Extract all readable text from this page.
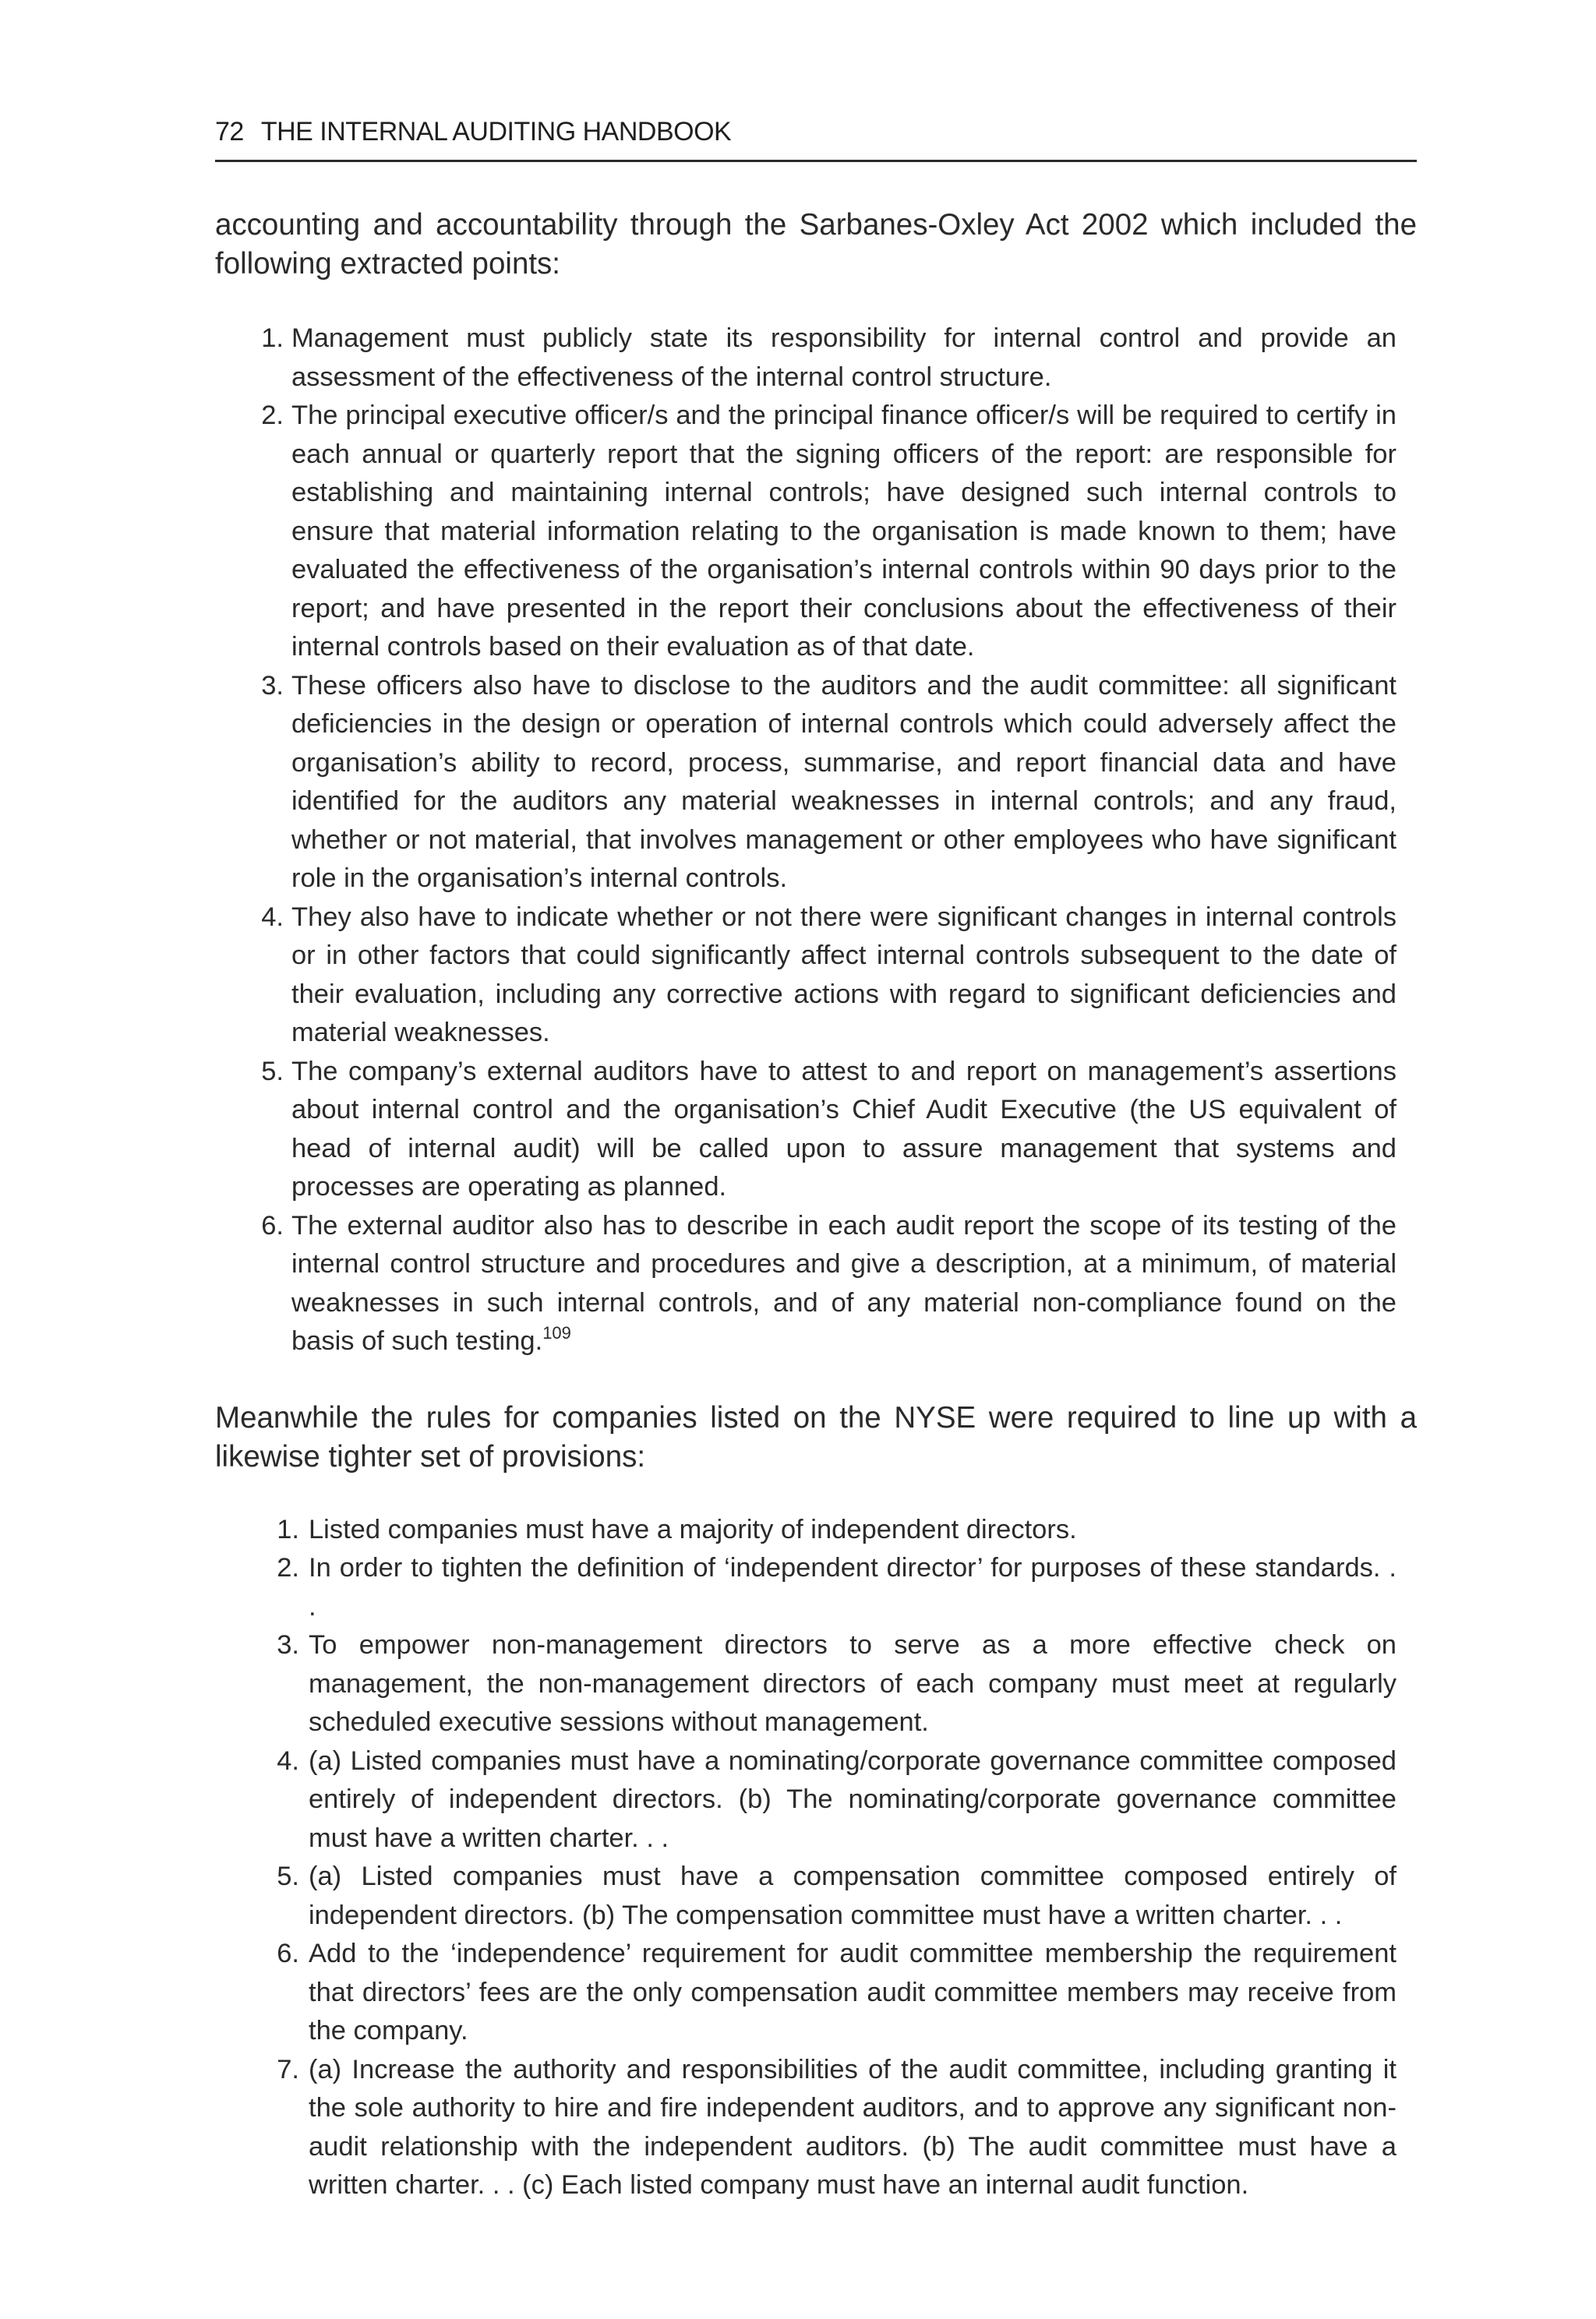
72 THE INTERNAL AUDITING HANDBOOK

accounting and accountability through the Sarbanes-Oxley Act 2002 which included the following extracted points:

1. Management must publicly state its responsibility for internal control and provide an assessment of the effectiveness of the internal control structure.
2. The principal executive officer/s and the principal finance officer/s will be required to certify in each annual or quarterly report that the signing officers of the report: are responsible for establishing and maintaining internal controls; have designed such internal controls to ensure that material information relating to the organisation is made known to them; have evaluated the effectiveness of the organisation’s internal controls within 90 days prior to the report; and have presented in the report their conclusions about the effectiveness of their internal controls based on their evaluation as of that date.
3. These officers also have to disclose to the auditors and the audit committee: all significant deficiencies in the design or operation of internal controls which could adversely affect the organisation’s ability to record, process, summarise, and report financial data and have identified for the auditors any material weaknesses in internal controls; and any fraud, whether or not material, that involves management or other employees who have significant role in the organisation’s internal controls.
4. They also have to indicate whether or not there were significant changes in internal controls or in other factors that could significantly affect internal controls subsequent to the date of their evaluation, including any corrective actions with regard to significant deficiencies and material weaknesses.
5. The company’s external auditors have to attest to and report on management’s assertions about internal control and the organisation’s Chief Audit Executive (the US equivalent of head of internal audit) will be called upon to assure management that systems and processes are operating as planned.
6. The external auditor also has to describe in each audit report the scope of its testing of the internal control structure and procedures and give a description, at a minimum, of material weaknesses in such internal controls, and of any material non-compliance found on the basis of such testing.$^{109}$

Meanwhile the rules for companies listed on the NYSE were required to line up with a likewise tighter set of provisions:

1. Listed companies must have a majority of independent directors.
2. In order to tighten the definition of ‘independent director’ for purposes of these standards. . .
3. To empower non-management directors to serve as a more effective check on management, the non-management directors of each company must meet at regularly scheduled executive sessions without management.
4. (a) Listed companies must have a nominating/corporate governance committee composed entirely of independent directors. (b) The nominating/corporate governance committee must have a written charter. . .
5. (a) Listed companies must have a compensation committee composed entirely of independent directors. (b) The compensation committee must have a written charter. . .
6. Add to the ‘independence’ requirement for audit committee membership the requirement that directors’ fees are the only compensation audit committee members may receive from the company.
7. (a) Increase the authority and responsibilities of the audit committee, including granting it the sole authority to hire and fire independent auditors, and to approve any significant non-audit relationship with the independent auditors. (b) The audit committee must have a written charter. . . (c) Each listed company must have an internal audit function.
